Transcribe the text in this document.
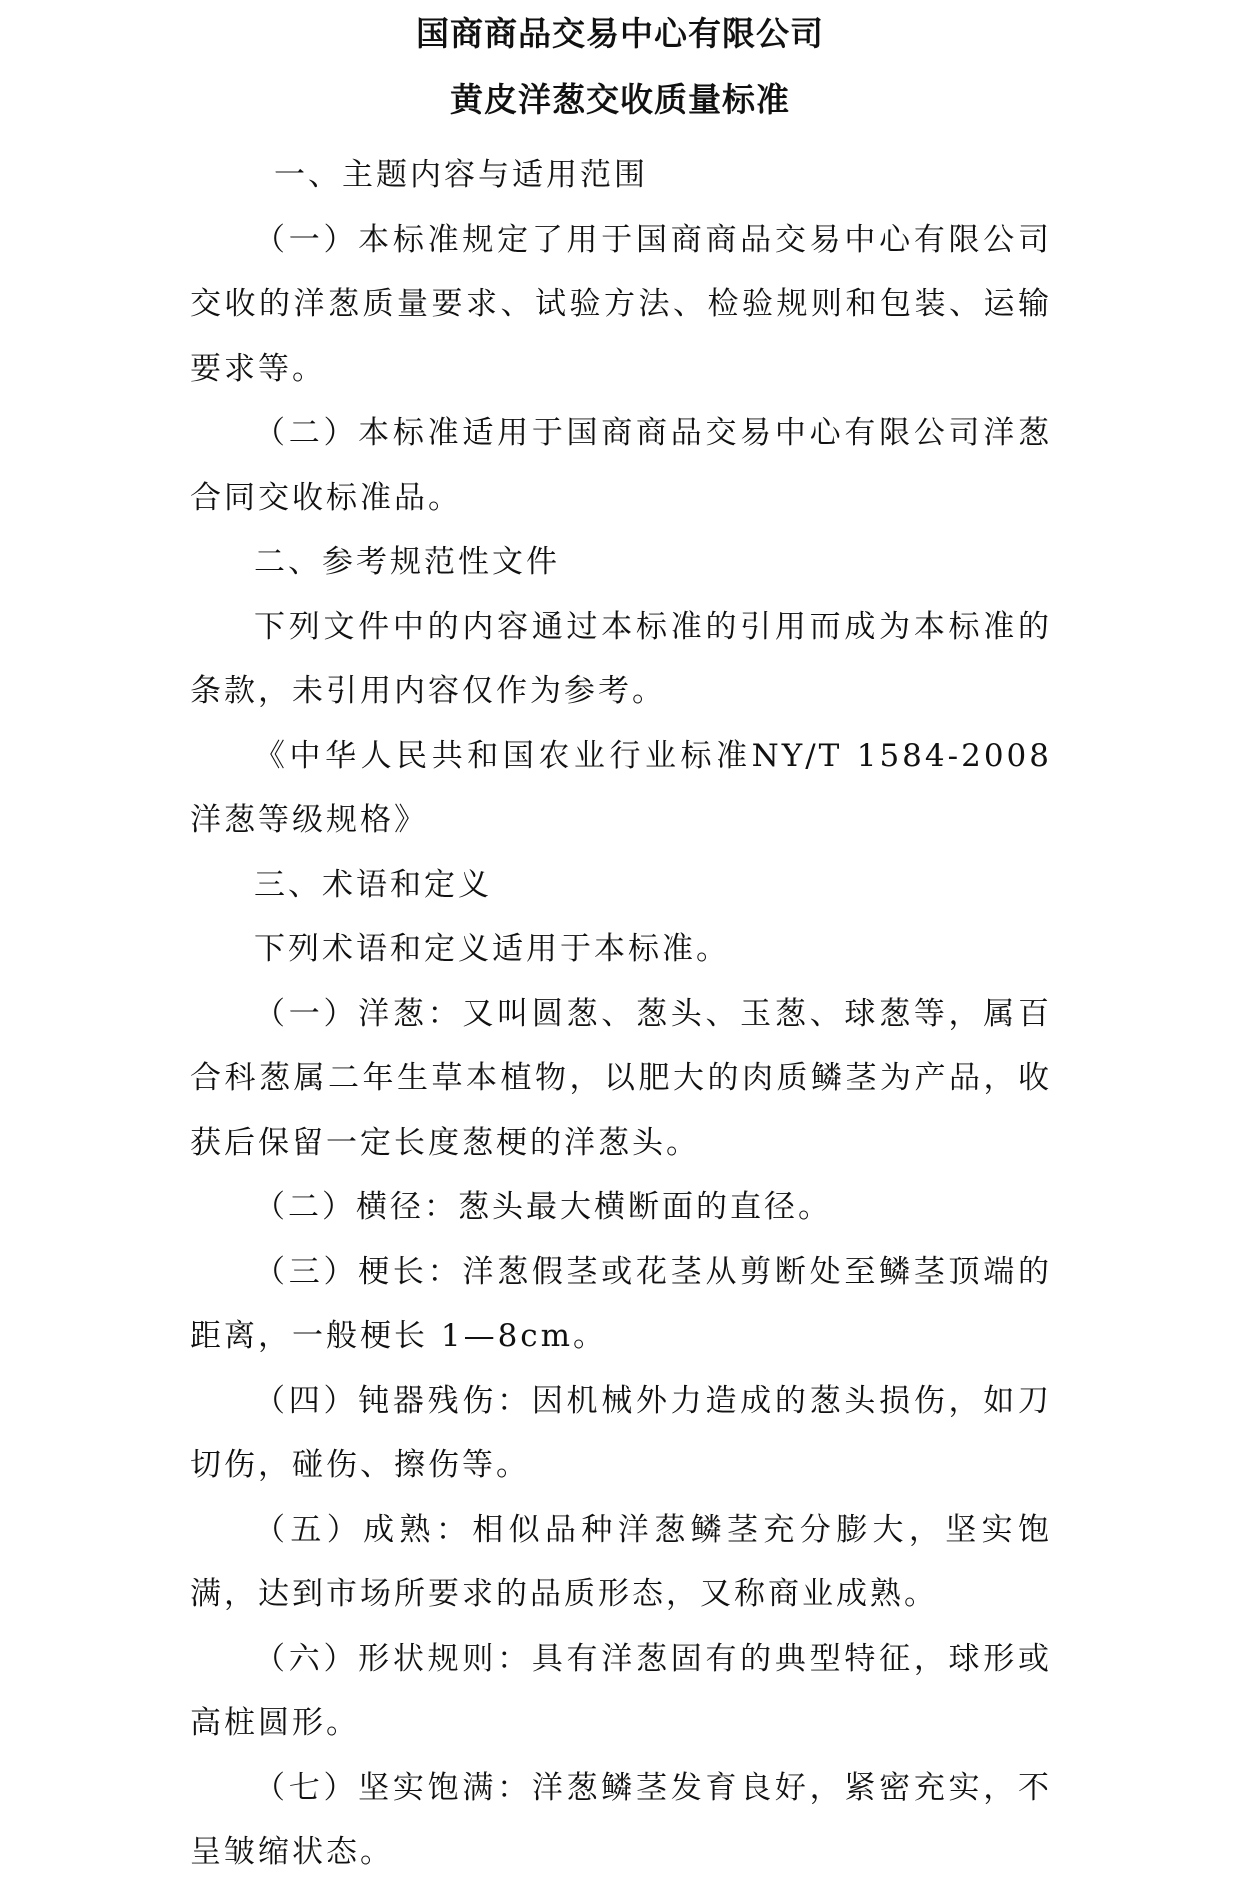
国商商品交易中心有限公司
黄皮洋葱交收质量标准
一、主题内容与适用范围

（一）本标准规定了用于国商商品交易中心有限公司交收的洋葱质量要求、试验方法、检验规则和包装、运输要求等。

（二）本标准适用于国商商品交易中心有限公司洋葱合同交收标准品。

二、参考规范性文件

下列文件中的内容通过本标准的引用而成为本标准的条款，未引用内容仅作为参考。

《中华人民共和国农业行业标准NY/T 1584-2008 洋葱等级规格》

三、术语和定义

下列术语和定义适用于本标准。

（一）洋葱：又叫圆葱、葱头、玉葱、球葱等，属百合科葱属二年生草本植物，以肥大的肉质鳞茎为产品，收获后保留一定长度葱梗的洋葱头。

（二）横径：葱头最大横断面的直径。

（三）梗长：洋葱假茎或花茎从剪断处至鳞茎顶端的距离，一般梗长 1—8cm。

（四）钝器残伤：因机械外力造成的葱头损伤，如刀切伤，碰伤、擦伤等。

（五）成熟：相似品种洋葱鳞茎充分膨大，坚实饱满，达到市场所要求的品质形态，又称商业成熟。

（六）形状规则：具有洋葱固有的典型特征，球形或高桩圆形。

（七）坚实饱满：洋葱鳞茎发育良好，紧密充实，不呈皱缩状态。
